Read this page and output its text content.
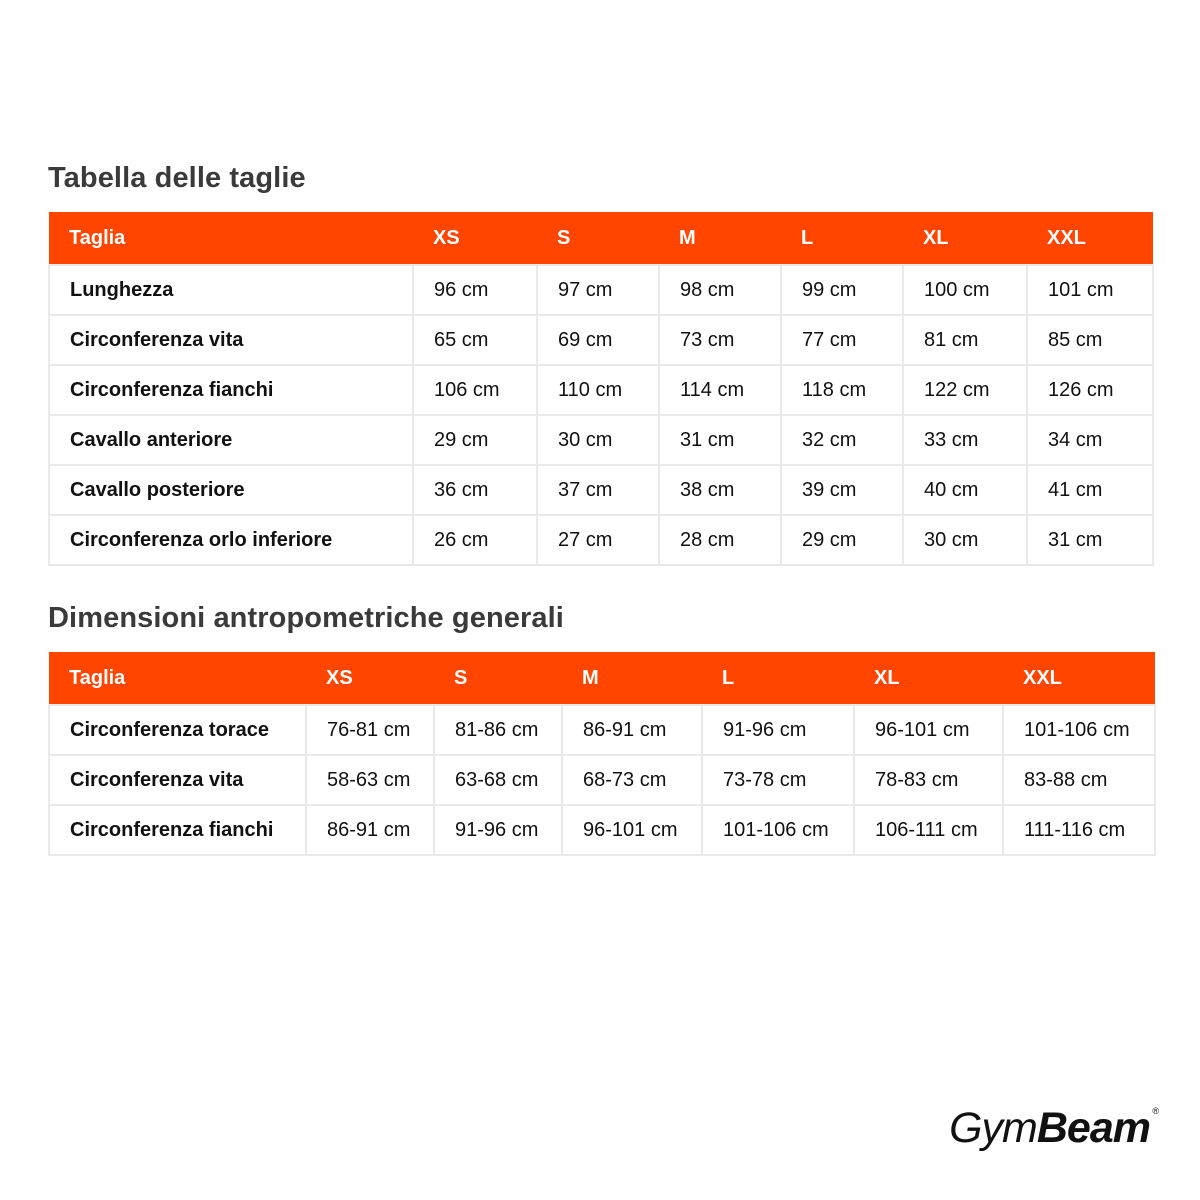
Tabella delle taglie
Taglia	XS	S	M	L	XL	XXL
Lunghezza	96 cm	97 cm	98 cm	99 cm	100 cm	101 cm
Circonferenza vita	65 cm	69 cm	73 cm	77 cm	81 cm	85 cm
Circonferenza fianchi	106 cm	110 cm	114 cm	118 cm	122 cm	126 cm
Cavallo anteriore	29 cm	30 cm	31 cm	32 cm	33 cm	34 cm
Cavallo posteriore	36 cm	37 cm	38 cm	39 cm	40 cm	41 cm
Circonferenza orlo inferiore	26 cm	27 cm	28 cm	29 cm	30 cm	31 cm
Dimensioni antropometriche generali
Taglia	XS	S	M	L	XL	XXL
Circonferenza torace	76-81 cm	81-86 cm	86-91 cm	91-96 cm	96-101 cm	101-106 cm
Circonferenza vita	58-63 cm	63-68 cm	68-73 cm	73-78 cm	78-83 cm	83-88 cm
Circonferenza fianchi	86-91 cm	91-96 cm	96-101 cm	101-106 cm	106-111 cm	111-116 cm
GymBeam ®
